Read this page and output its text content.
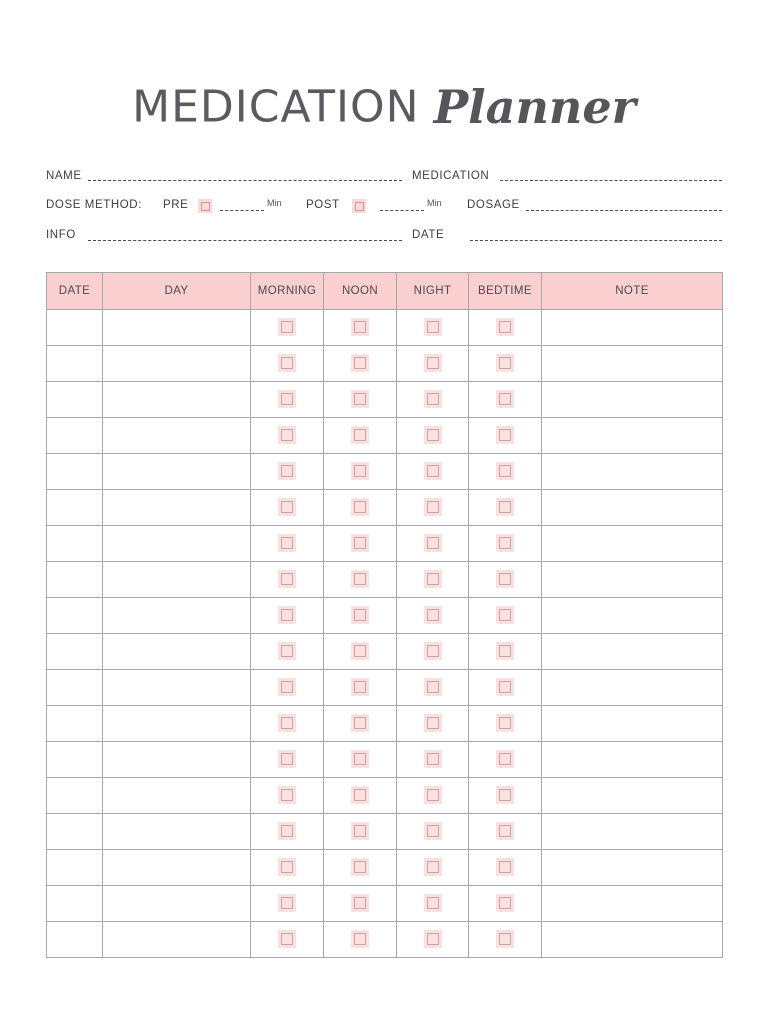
MEDICATION Planner
NAME	MEDICATION
DOSE METHOD: PRE	Min POST	Min DOSAGE
INFO	DATE
DATE	DAY	MORNING	NOON	NIGHT	BEDTIME	NOTE
